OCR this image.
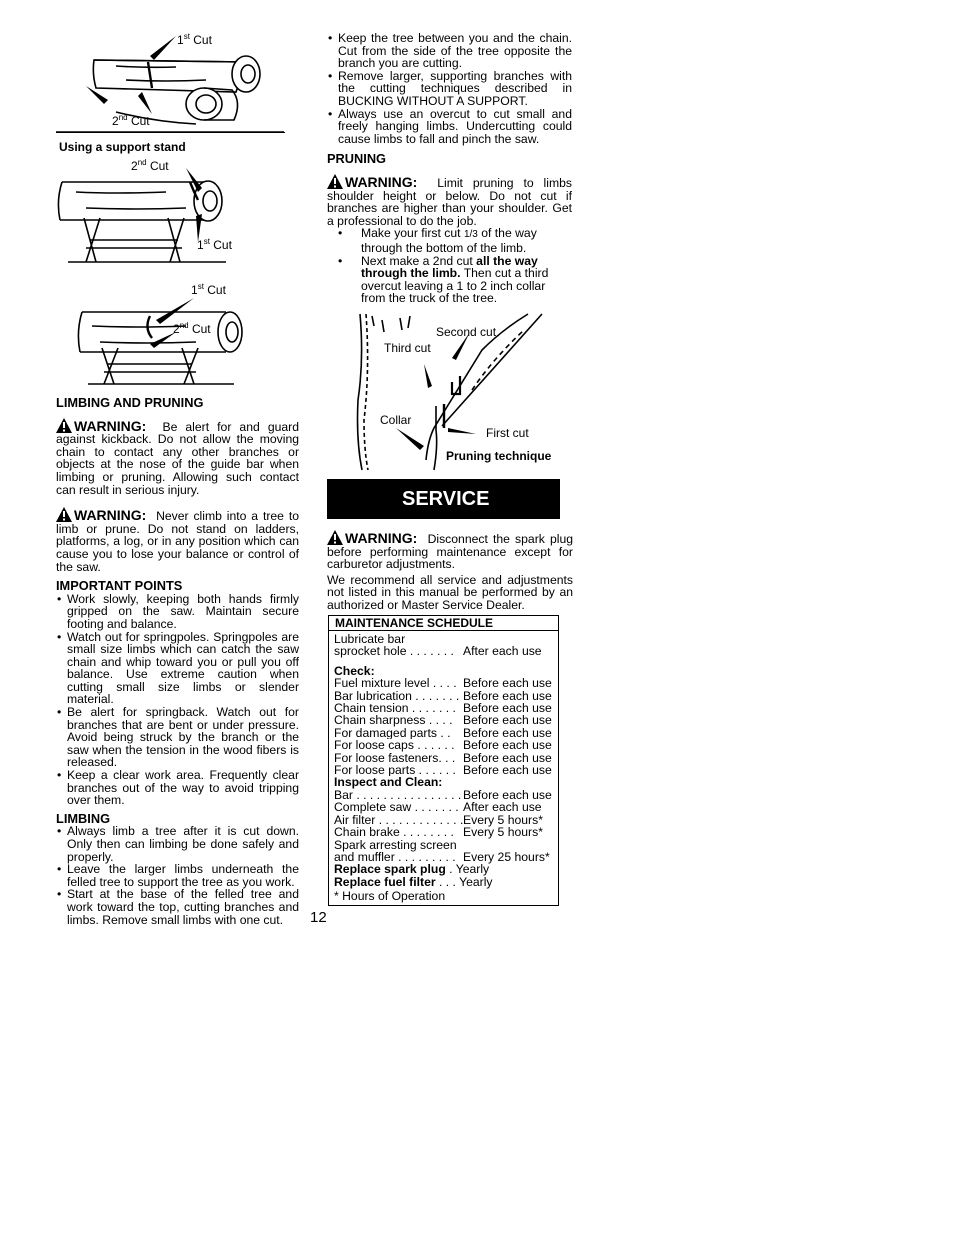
1st Cut
2nd Cut
Using a support stand
2nd Cut
1st Cut
1st Cut
2nd Cut
LIMBING AND PRUNING

WARNING: Be alert for and guard against kickback. Do not allow the moving chain to contact any other branches or objects at the nose of the guide bar when limbing or pruning. Allowing such contact can result in serious injury.

WARNING: Never climb into a tree to limb or prune. Do not stand on ladders, platforms, a log, or in any position which can cause you to lose your balance or control of the saw.

IMPORTANT POINTS
• Work slowly, keeping both hands firmly gripped on the saw. Maintain secure footing and balance.
• Watch out for springpoles. Springpoles are small size limbs which can catch the saw chain and whip toward you or pull you off balance. Use extreme caution when cutting small size limbs or slender material.
• Be alert for springback. Watch out for branches that are bent or under pressure. Avoid being struck by the branch or the saw when the tension in the wood fibers is released.
• Keep a clear work area. Frequently clear branches out of the way to avoid tripping over them.
LIMBING
• Always limb a tree after it is cut down. Only then can limbing be done safely and properly.
• Leave the larger limbs underneath the felled tree to support the tree as you work.
• Start at the base of the felled tree and work toward the top, cutting branches and limbs. Remove small limbs with one cut.
• Keep the tree between you and the chain. Cut from the side of the tree opposite the branch you are cutting.
• Remove larger, supporting branches with the cutting techniques described in BUCKING WITHOUT A SUPPORT.
• Always use an overcut to cut small and freely hanging limbs. Undercutting could cause limbs to fall and pinch the saw.
PRUNING

WARNING: Limit pruning to limbs shoulder height or below. Do not cut if branches are higher than your shoulder. Get a professional to do the job.

• Make your first cut 1/3 of the way through the bottom of the limb.
• Next make a 2nd cut all the way through the limb. Then cut a third overcut leaving a 1 to 2 inch collar from the truck of the tree.
Second cut
Third cut
Collar
First cut
Pruning technique
SERVICE

WARNING: Disconnect the spark plug before performing maintenance except for carburetor adjustments.

We recommend all service and adjustments not listed in this manual be performed by an authorized or Master Service Dealer.

MAINTENANCE SCHEDULE
Lubricate bar
sprocket hole . . . . . . . After each use
Check:
Fuel mixture level . . . . Before each use
Bar lubrication . . . . . . . Before each use
Chain tension . . . . . . . Before each use
Chain sharpness . . . . Before each use
For damaged parts . .	Before each use
For loose caps . . . . . . Before each use
For loose fasteners. . . Before each use
For loose parts . . . . . . Before each use
Inspect and Clean:
Bar . . . . . . . . . . . . . . . . Before each use
Complete saw . . . . . . . After each use
Air filter . . . . . . . . . . . . . Every 5 hours*
Chain brake . . . . . . . . Every 5 hours*
Spark arresting screen
and muffler . . . . . . . . . Every 25 hours*
Replace spark plug . Yearly
Replace fuel filter . . . Yearly
* Hours of Operation
12
